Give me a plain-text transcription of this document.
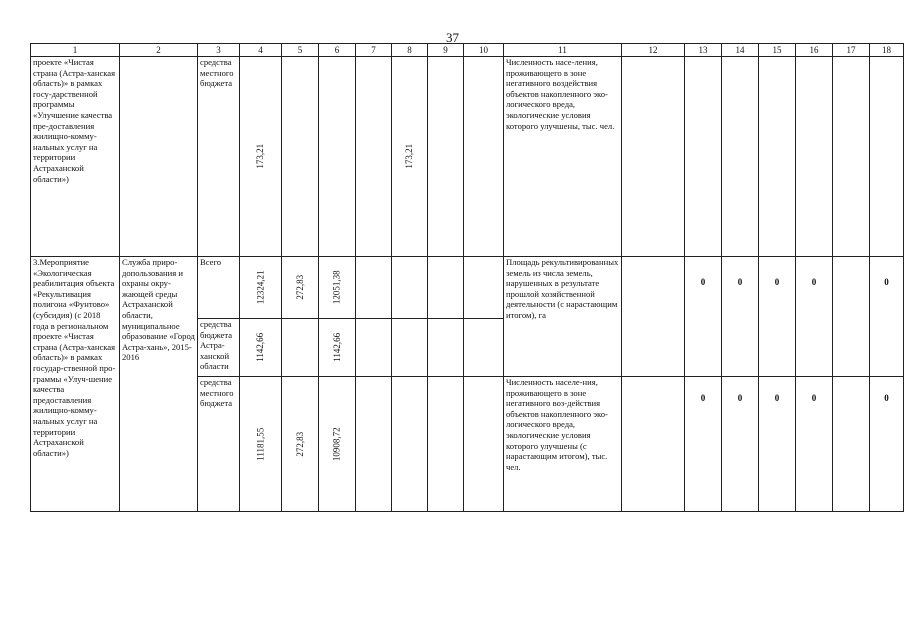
37
1	2	3	4	5	6	7	8	9	10	11	12	13	14	15	16	17	18
проекте «Чистая страна (Астра-ханская область)» в рамках госу-дарственной программы «Улучшение качества пре-доставления жилищно-комму-нальных услуг на территории Астраханской области»)		средства местного бюджета	173,21				173,21			Численность насе-ления, проживающего в зоне негативного воздействия объектов накопленного эко-логического вреда, экологические условия которого улучшены, тыс. чел.							
3.Мероприятие «Экологическая реабилитация объекта «Рекультивация полигона «Фунтово» (субсидия) (с 2018 года в региональном проекте «Чистая страна (Астра-ханская область)» в рамках государ-ственной про-граммы «Улуч-шение качества предоставления жилищно-комму-нальных услуг на территории Астраханской области»)	Служба приро-допользования и охраны окру-жающей среды Астраханской области, муниципальное образование «Город Астра-хань», 2015-2016	Всего	12324,21	272,83	12051,38					Площадь рекультивированных земель из числа земель, нарушенных в результате прошлой хозяйственной деятельности (с нарастающим итогом), га		0	0	0	0		0
		средства бюджета Астра-ханской области	1142,66		1142,66												
		средства местного бюджета	11181,55	272,83	10908,72					Численность населе-ния, проживающего в зоне негативного воз-действия объектов накопленного эко-логического вреда, экологические условия которого улучшены (с нарастающим итогом), тыс. чел.		0	0	0	0		0
